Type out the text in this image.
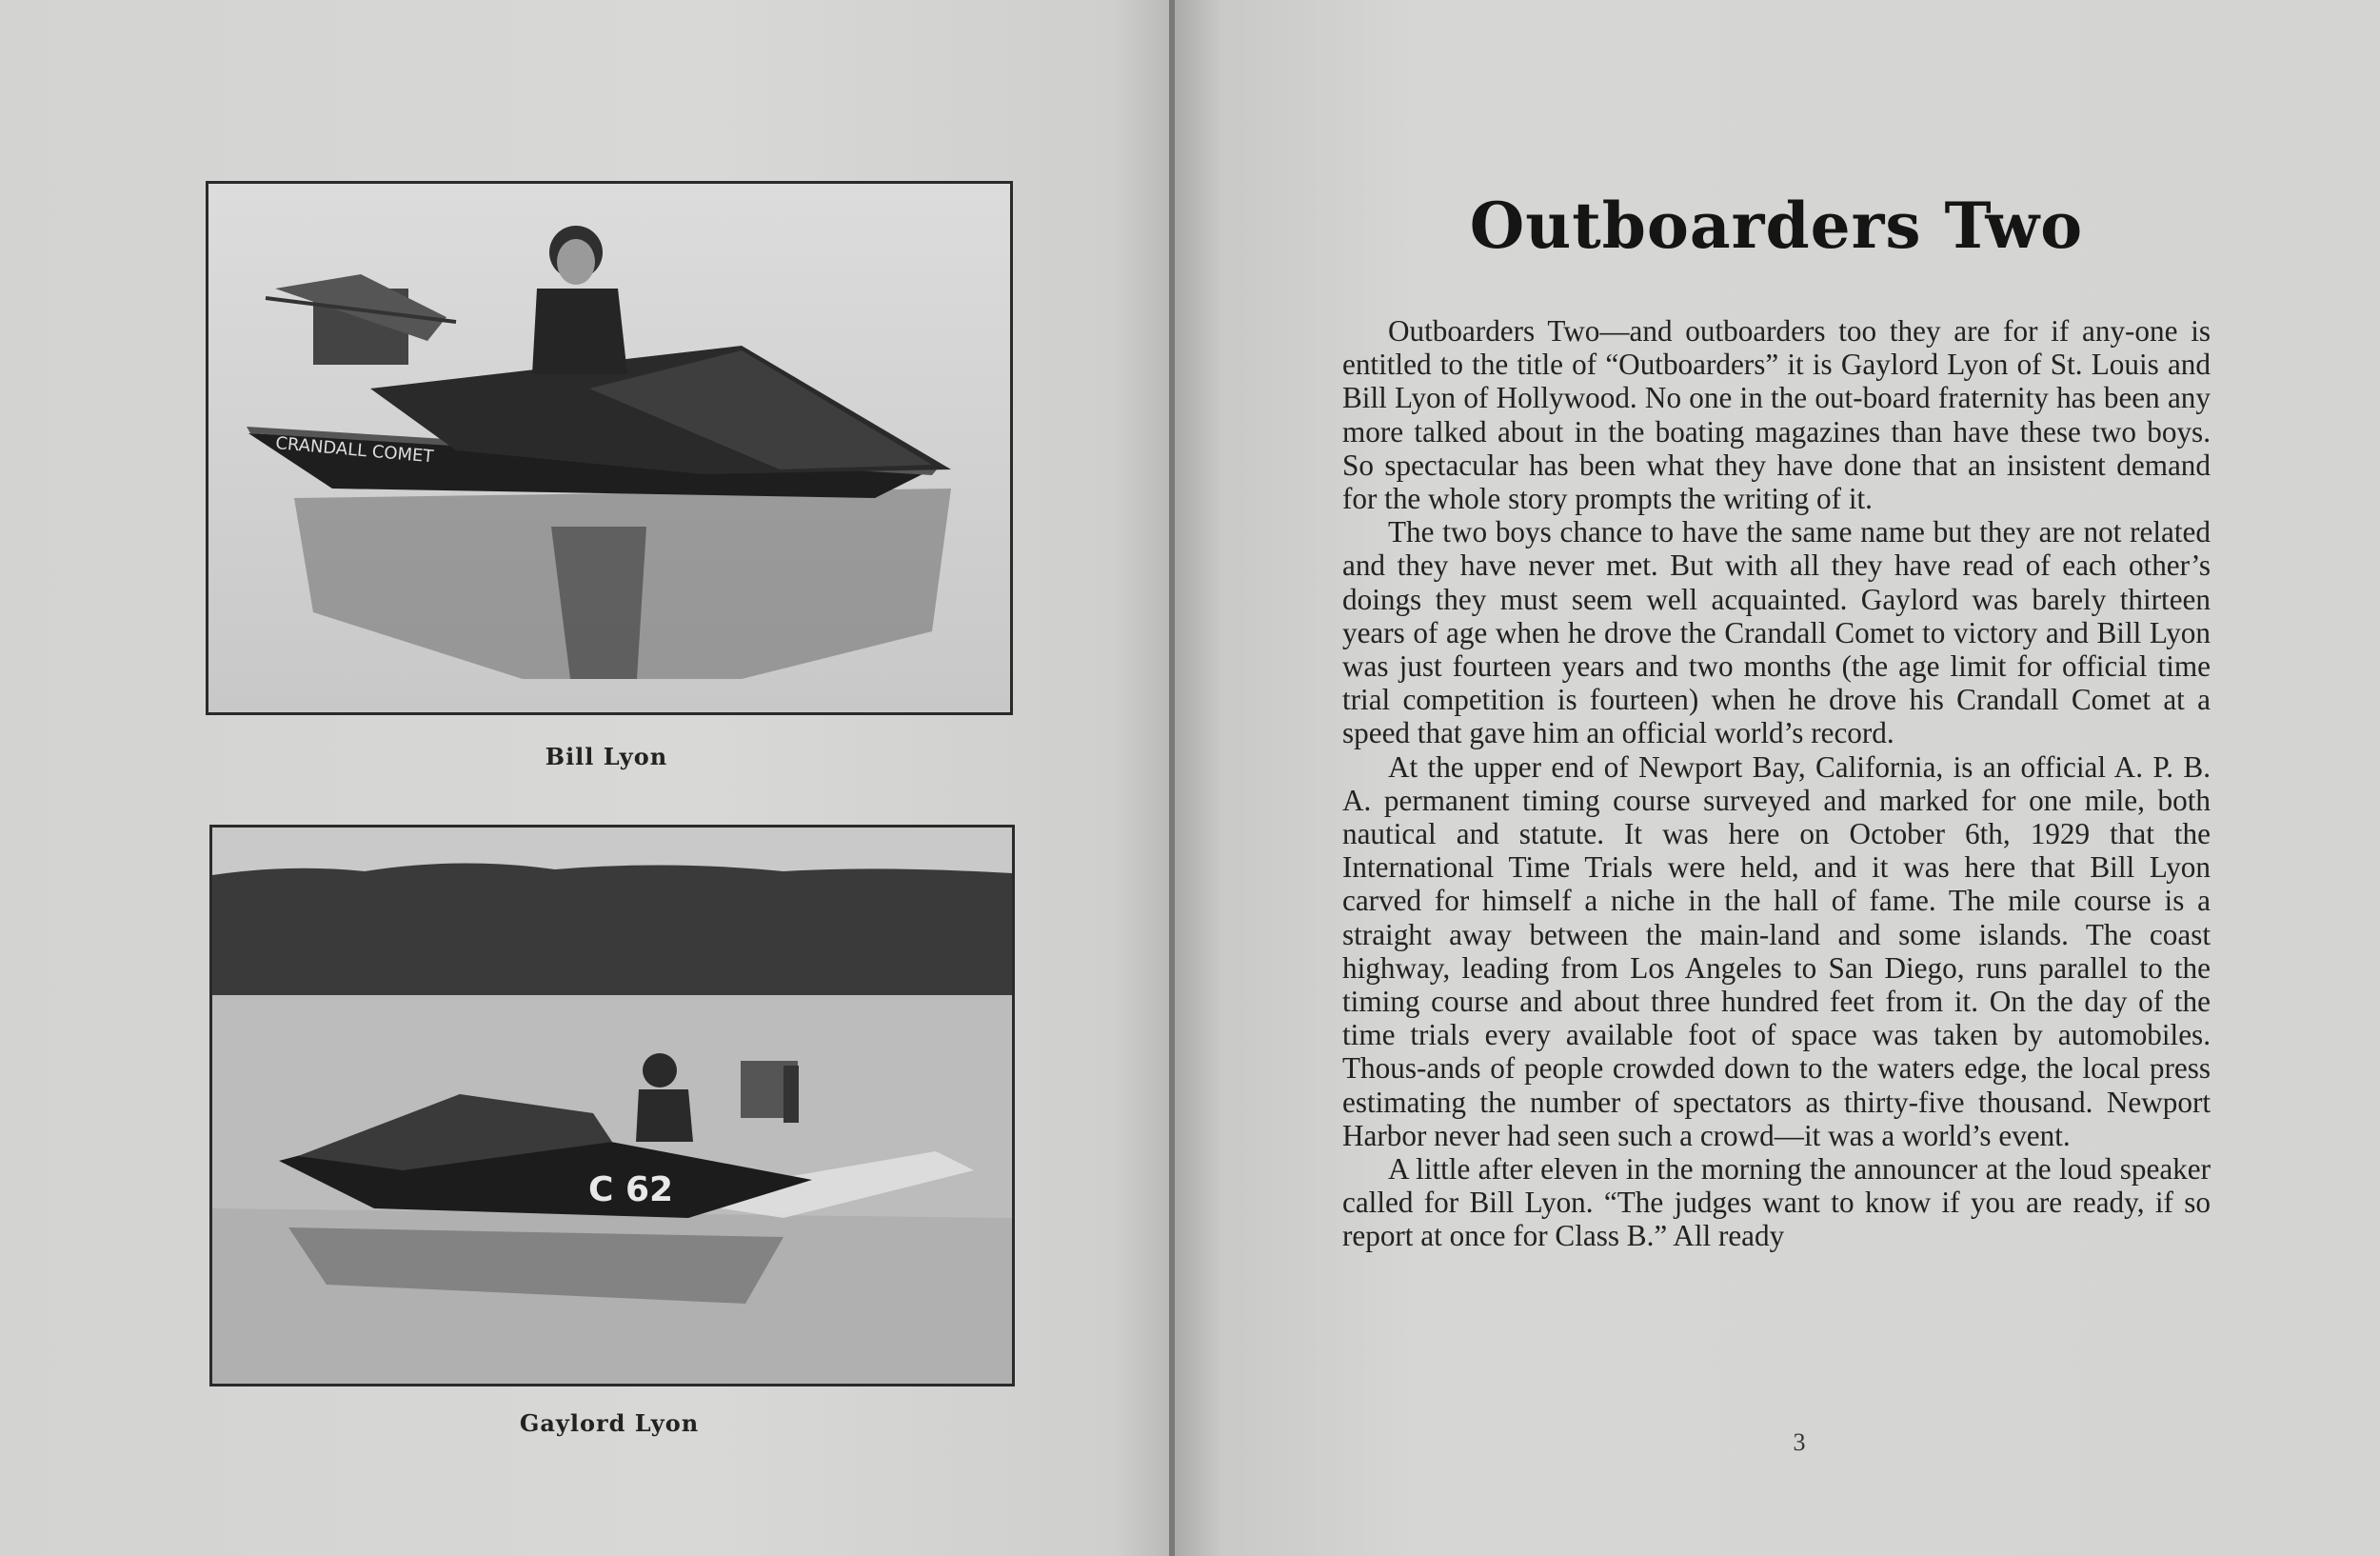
CRANDALL COMET
Bill Lyon
C 62
Gaylord Lyon
Outboarders Two

Outboarders Two—and outboarders too they are for if any-one is entitled to the title of “Outboarders” it is Gaylord Lyon of St. Louis and Bill Lyon of Hollywood. No one in the out-board fraternity has been any more talked about in the boating magazines than have these two boys. So spectacular has been what they have done that an insistent demand for the whole story prompts the writing of it.

The two boys chance to have the same name but they are not related and they have never met. But with all they have read of each other’s doings they must seem well acquainted. Gaylord was barely thirteen years of age when he drove the Crandall Comet to victory and Bill Lyon was just fourteen years and two months (the age limit for official time trial competition is fourteen) when he drove his Crandall Comet at a speed that gave him an official world’s record.

At the upper end of Newport Bay, California, is an official A. P. B. A. permanent timing course surveyed and marked for one mile, both nautical and statute. It was here on October 6th, 1929 that the International Time Trials were held, and it was here that Bill Lyon carved for himself a niche in the hall of fame. The mile course is a straight away between the main-land and some islands. The coast highway, leading from Los Angeles to San Diego, runs parallel to the timing course and about three hundred feet from it. On the day of the time trials every available foot of space was taken by automobiles. Thous-ands of people crowded down to the waters edge, the local press estimating the number of spectators as thirty-five thousand. Newport Harbor never had seen such a crowd—it was a world’s event.

A little after eleven in the morning the announcer at the loud speaker called for Bill Lyon. “The judges want to know if you are ready, if so report at once for Class B.” All ready

3
